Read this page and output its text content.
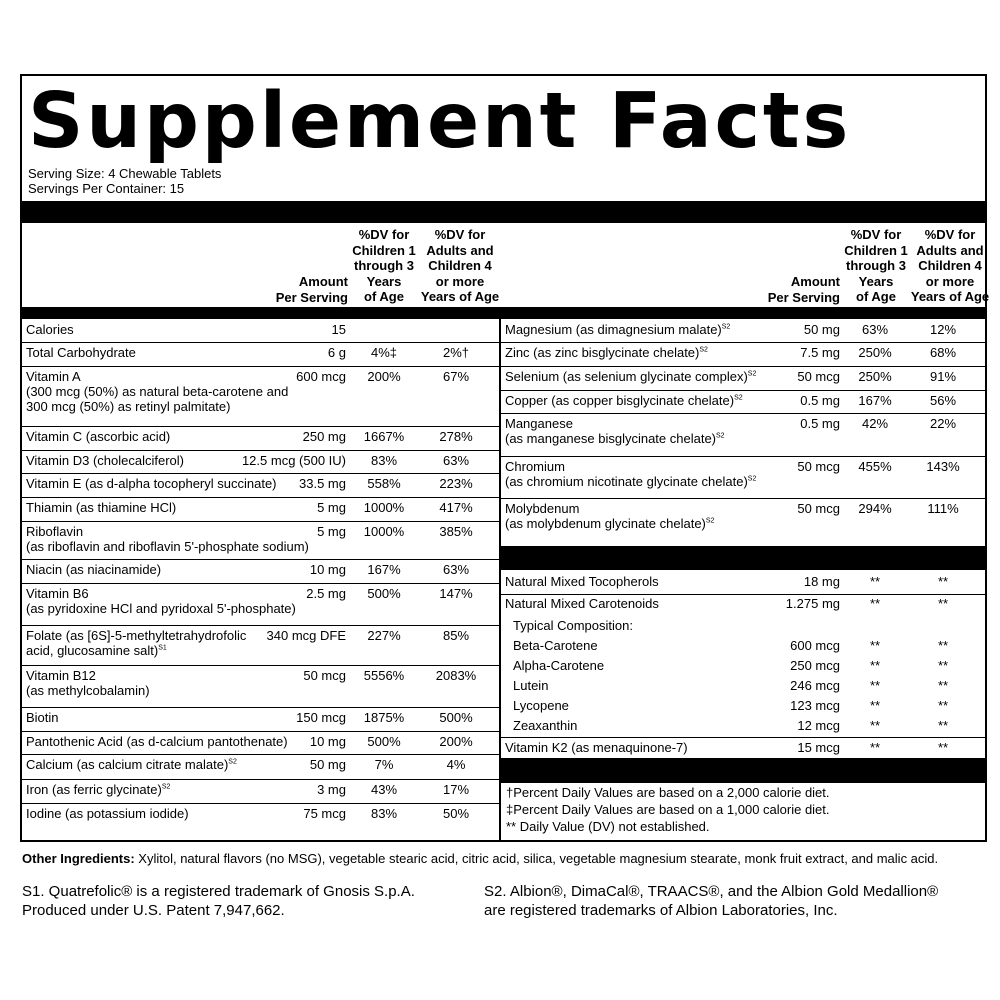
Supplement Facts
Serving Size: 4 Chewable Tablets
Servings Per Container: 15
Amount
Per Serving
%DV for
Children 1
through 3
Years
of Age
%DV for
Adults and
Children 4
or more
Years of Age
Amount
Per Serving
%DV for
Children 1
through 3
Years
of Age
%DV for
Adults and
Children 4
or more
Years of Age
Calories	15
Total Carbohydrate	6 g	4%‡	2%†
Vitamin A
(300 mcg (50%) as natural beta-carotene and
300 mcg (50%) as retinyl palmitate)
600 mcg	200%	67%
Vitamin C (ascorbic acid)	250 mg	1667%	278%
Vitamin D3 (cholecalciferol)	12.5 mcg (500 IU)	83%	63%
Vitamin E (as d-alpha tocopheryl succinate)	33.5 mg	558%	223%
Thiamin (as thiamine HCl)	5 mg	1000%	417%
Riboflavin
(as riboflavin and riboflavin 5'-phosphate sodium)
5 mg	1000%	385%
Niacin (as niacinamide)	10 mg	167%	63%
Vitamin B6
(as pyridoxine HCl and pyridoxal 5'-phosphate)
2.5 mg	500%	147%
Folate (as [6S]-5-methyltetrahydrofolic
acid, glucosamine salt)$^{S1}$
340 mcg DFE	227%	85%
Vitamin B12
(as methylcobalamin)
50 mcg	5556%	2083%
Biotin	150 mcg	1875%	500%
Pantothenic Acid (as d-calcium pantothenate)	10 mg	500%	200%
Calcium (as calcium citrate malate)$^{S2}$	50 mg	7%	4%
Iron (as ferric glycinate)$^{S2}$	3 mg	43%	17%
Iodine (as potassium iodide)	75 mcg	83%	50%
Magnesium (as dimagnesium malate)$^{S2}$	50 mg	63%	12%
Zinc (as zinc bisglycinate chelate)$^{S2}$	7.5 mg	250%	68%
Selenium (as selenium glycinate complex)$^{S2}$	50 mcg	250%	91%
Copper (as copper bisglycinate chelate)$^{S2}$	0.5 mg	167%	56%
Manganese
(as manganese bisglycinate chelate)$^{S2}$
0.5 mg	42%	22%
Chromium
(as chromium nicotinate glycinate chelate)$^{S2}$
50 mcg	455%	143%
Molybdenum
(as molybdenum glycinate chelate)$^{S2}$
50 mcg	294%	111%
Natural Mixed Tocopherols	18 mg	**	**
Natural Mixed Carotenoids	1.275 mg	**	**
Typical Composition:
Beta-Carotene	600 mcg	**	**
Alpha-Carotene	250 mcg	**	**
Lutein	246 mcg	**	**
Lycopene	123 mcg	**	**
Zeaxanthin	12 mcg	**	**
Vitamin K2 (as menaquinone-7)	15 mcg	**	**
†Percent Daily Values are based on a 2,000 calorie diet.
‡Percent Daily Values are based on a 1,000 calorie diet.
** Daily Value (DV) not established.
Other Ingredients: Xylitol, natural flavors (no MSG), vegetable stearic acid, citric acid, silica, vegetable magnesium stearate, monk fruit extract, and malic acid.
S1. Quatrefolic® is a registered trademark of Gnosis S.p.A.
Produced under U.S. Patent 7,947,662.
S2. Albion®, DimaCal®, TRAACS®, and the Albion Gold Medallion®
are registered trademarks of Albion Laboratories, Inc.
